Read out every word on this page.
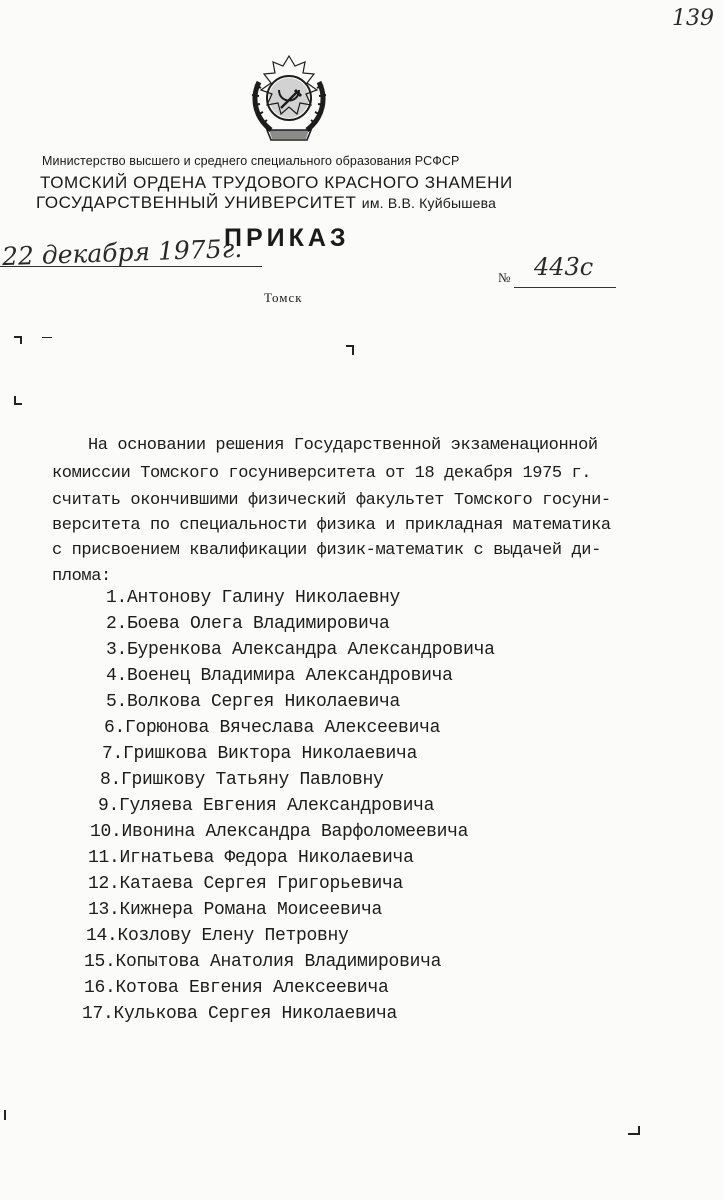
139
Министерство высшего и среднего специального образования РСФСР
ТОМСКИЙ ОРДЕНА ТРУДОВОГО КРАСНОГО ЗНАМЕНИ
ГОСУДАРСТВЕННЫЙ УНИВЕРСИТЕТ им. В.В. Куйбышева
ПРИКАЗ
22 декабря 1975г.
№ 443с
Томск
На основании решения Государственной экзаменационной
комиссии Томского госуниверситета от 18 декабря 1975 г.
считать окончившими физический факультет Томского госуни-
верситета по специальности физика и прикладная математика
с присвоением квалификации физик-математик с выдачей ди-
плома:
1.Антонову Галину Николаевну
2.Боева Олега Владимировича
3.Буренкова Александра Александровича
4.Военец Владимира Александровича
5.Волкова Сергея Николаевича
6.Горюнова Вячеслава Алексеевича
7.Гришкова Виктора Николаевича
8.Гришкову Татьяну Павловну
9.Гуляева Евгения Александровича
10.Ивонина Александра Варфоломеевича
11.Игнатьева Федора Николаевича
12.Катаева Сергея Григорьевича
13.Кижнера Романа Моисеевича
14.Козлову Елену Петровну
15.Копытова Анатолия Владимировича
16.Котова Евгения Алексеевича
17.Кулькова Сергея Николаевича
